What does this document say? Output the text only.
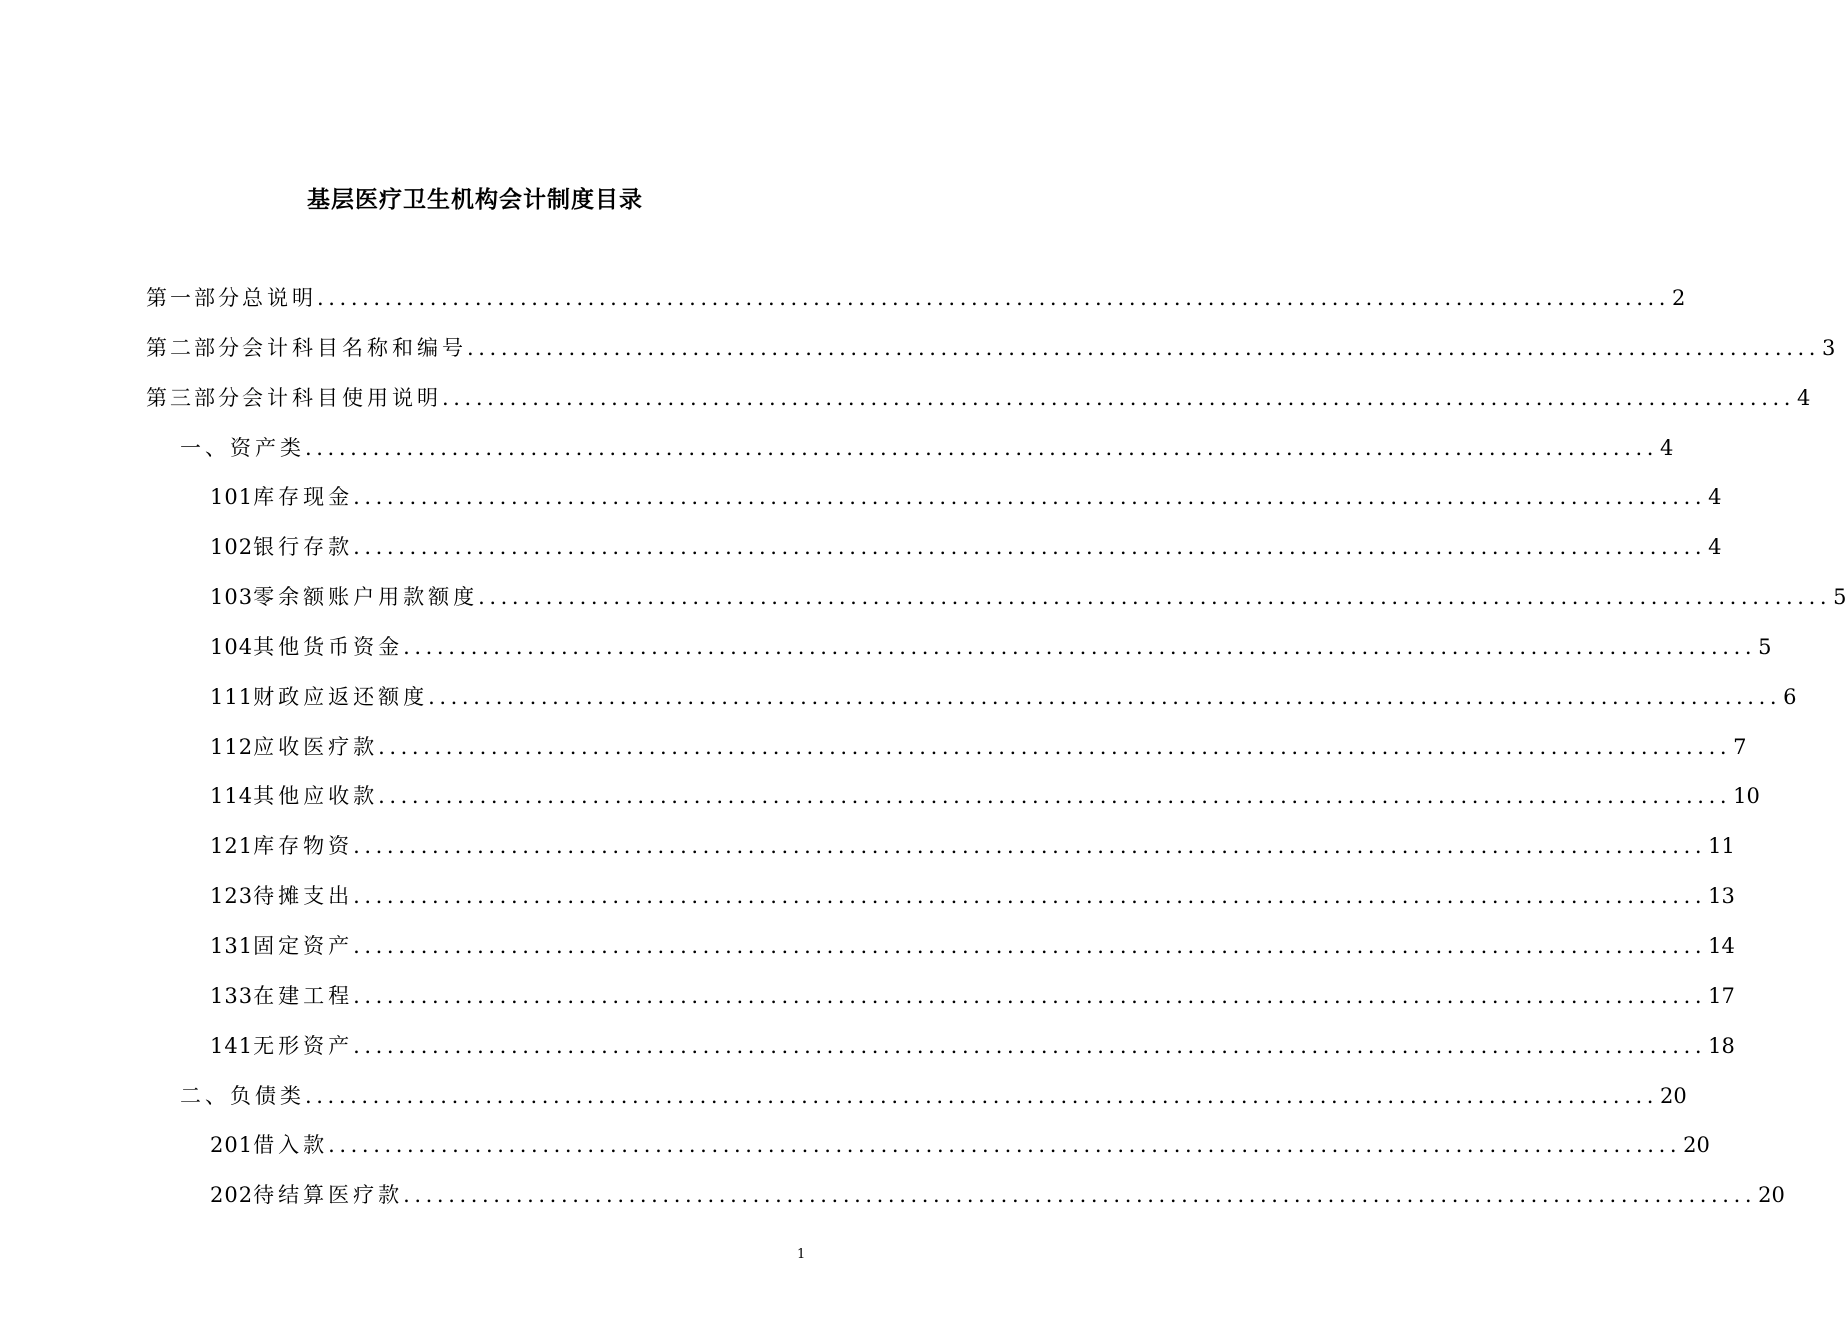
基层医疗卫生机构会计制度目录
第一部分 总说明 ........................................................................................................................ 2
第二部分 会计科目名称和编号 ........................................................................................................................ 3
第三部分 会计科目使用说明 ........................................................................................................................ 4
一、资产类 ........................................................................................................................ 4
101 库存现金 ........................................................................................................................ 4
102 银行存款 ........................................................................................................................ 4
103 零余额账户用款额度 ........................................................................................................................ 5
104 其他货币资金 ........................................................................................................................ 5
111 财政应返还额度 ........................................................................................................................ 6
112 应收医疗款 ........................................................................................................................ 7
114 其他应收款 ........................................................................................................................ 10
121 库存物资 ........................................................................................................................ 11
123 待摊支出 ........................................................................................................................ 13
131 固定资产 ........................................................................................................................ 14
133 在建工程 ........................................................................................................................ 17
141 无形资产 ........................................................................................................................ 18
二、负债类 ........................................................................................................................ 20
201 借入款 ........................................................................................................................ 20
202 待结算医疗款 ........................................................................................................................ 20
1
